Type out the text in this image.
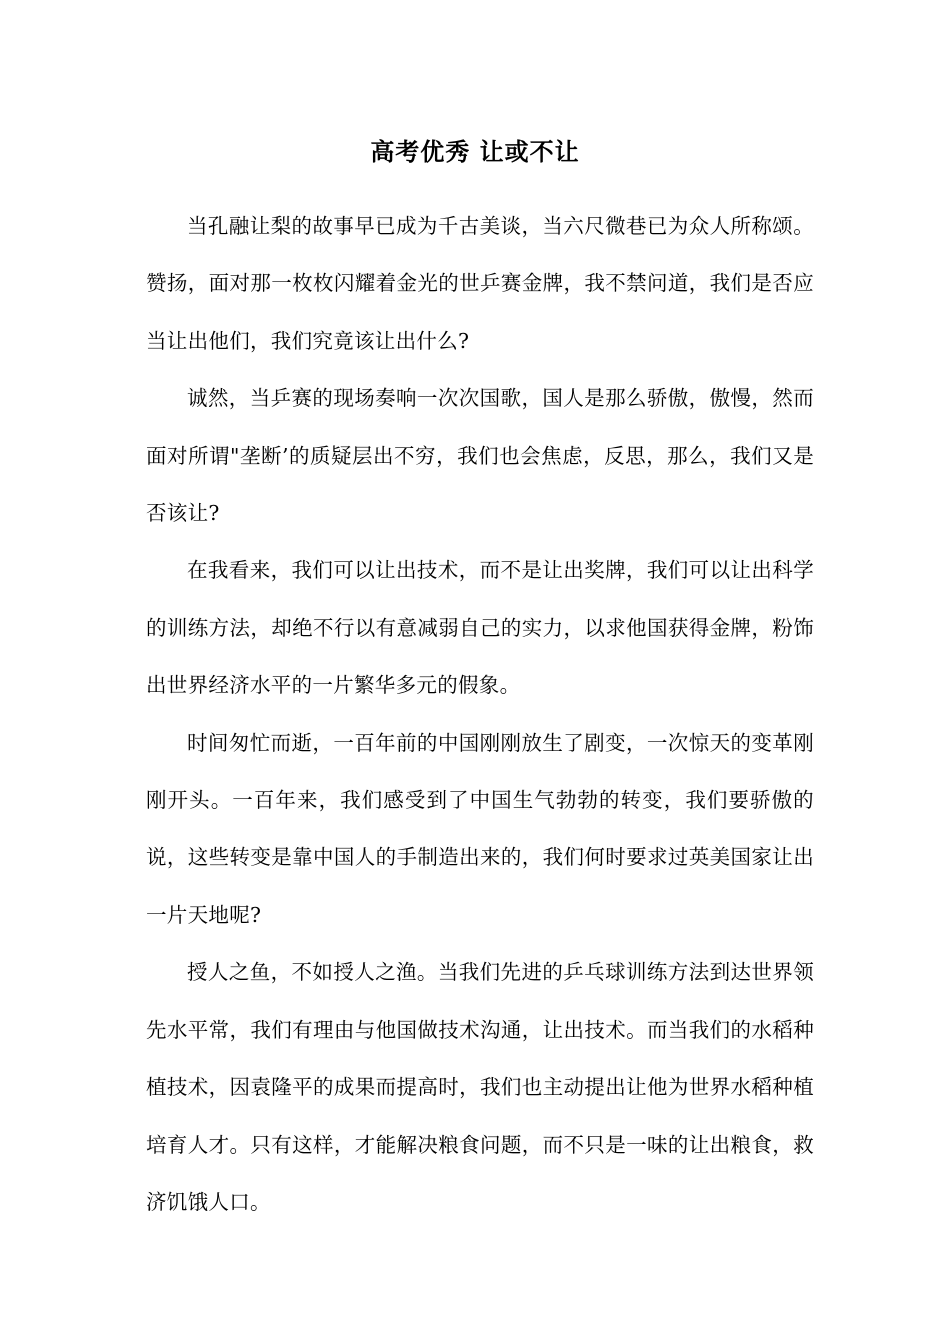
高考优秀 让或不让

当孔融让梨的故事早已成为千古美谈，当六尺微巷已为众人所称颂。赞扬，面对那一枚枚闪耀着金光的世乒赛金牌，我不禁问道，我们是否应当让出他们，我们究竟该让出什么?

诚然，当乒赛的现场奏响一次次国歌，国人是那么骄傲，傲慢，然而面对所谓"垄断’的质疑层出不穷，我们也会焦虑，反思，那么，我们又是否该让?

在我看来，我们可以让出技术，而不是让出奖牌，我们可以让出科学的训练方法，却绝不行以有意减弱自己的实力，以求他国获得金牌，粉饰出世界经济水平的一片繁华多元的假象。

时间匆忙而逝，一百年前的中国刚刚放生了剧变，一次惊天的变革刚刚开头。一百年来，我们感受到了中国生气勃勃的转变，我们要骄傲的说，这些转变是靠中国人的手制造出来的，我们何时要求过英美国家让出一片天地呢?

授人之鱼，不如授人之渔。当我们先进的乒乓球训练方法到达世界领先水平常，我们有理由与他国做技术沟通，让出技术。而当我们的水稻种植技术，因袁隆平的成果而提高时，我们也主动提出让他为世界水稻种植培育人才。只有这样，才能解决粮食问题，而不只是一味的让出粮食，救济饥饿人口。
